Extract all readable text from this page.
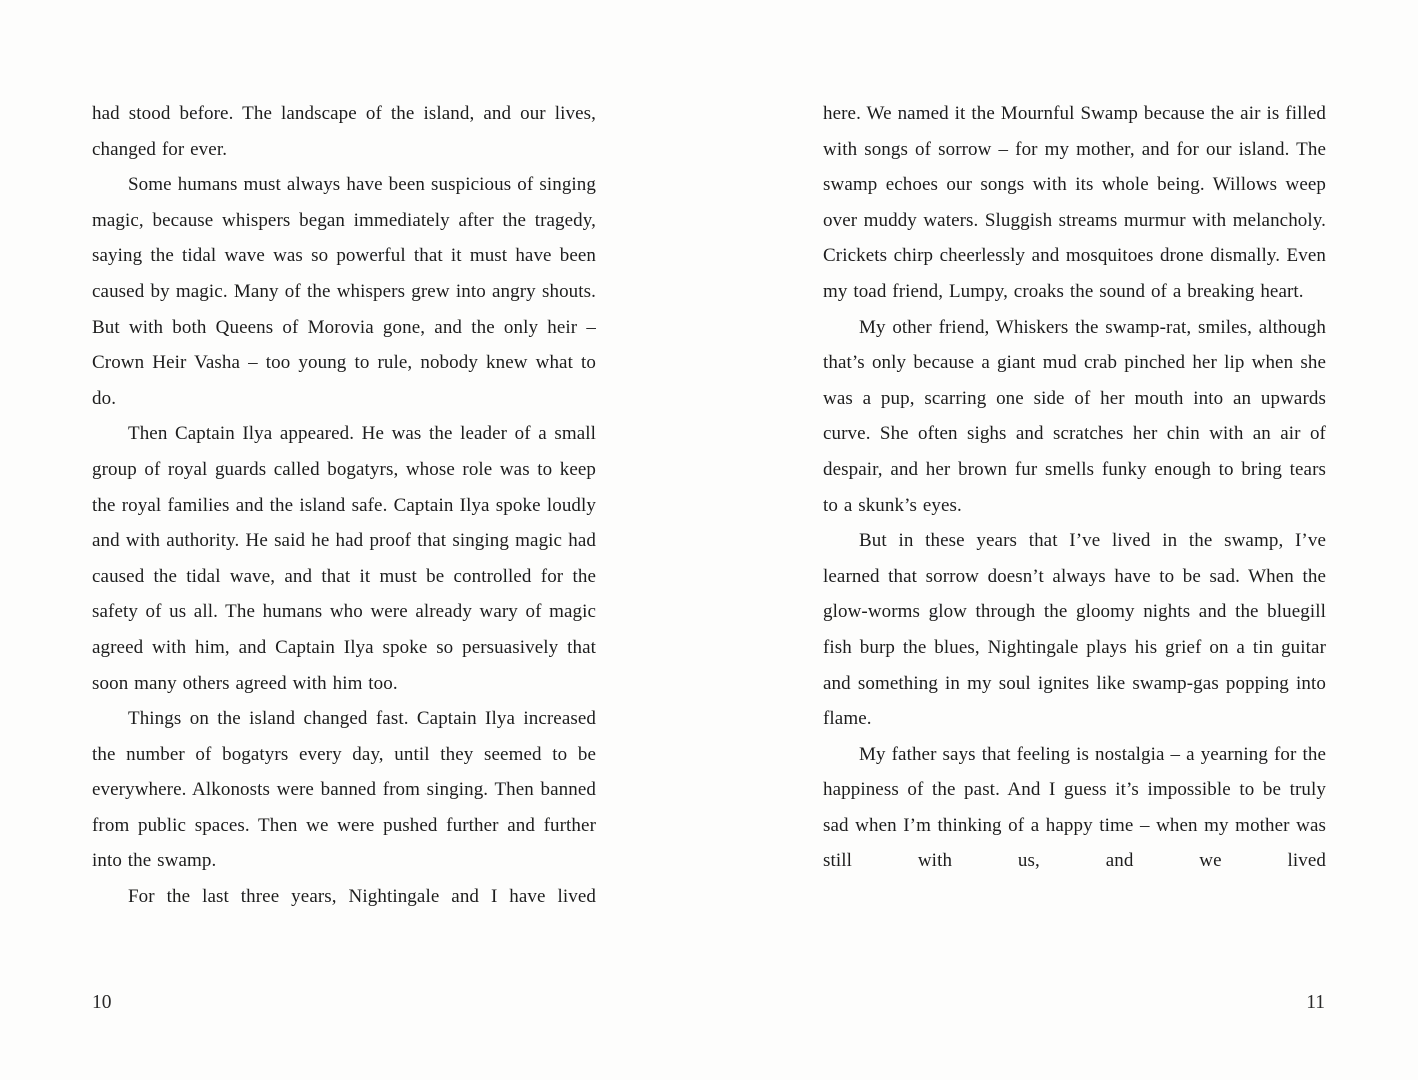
had stood before. The landscape of the island, and our lives, changed for ever.

Some humans must always have been suspicious of singing magic, because whispers began immediately after the tragedy, saying the tidal wave was so powerful that it must have been caused by magic. Many of the whispers grew into angry shouts. But with both Queens of Morovia gone, and the only heir – Crown Heir Vasha – too young to rule, nobody knew what to do.

Then Captain Ilya appeared. He was the leader of a small group of royal guards called bogatyrs, whose role was to keep the royal families and the island safe. Captain Ilya spoke loudly and with authority. He said he had proof that singing magic had caused the tidal wave, and that it must be controlled for the safety of us all. The humans who were already wary of magic agreed with him, and Captain Ilya spoke so persuasively that soon many others agreed with him too.

Things on the island changed fast. Captain Ilya increased the number of bogatyrs every day, until they seemed to be everywhere. Alkonosts were banned from singing. Then banned from public spaces. Then we were pushed further and further into the swamp.

For the last three years, Nightingale and I have lived

10

here. We named it the Mournful Swamp because the air is filled with songs of sorrow – for my mother, and for our island. The swamp echoes our songs with its whole being. Willows weep over muddy waters. Sluggish streams murmur with melancholy. Crickets chirp cheerlessly and mosquitoes drone dismally. Even my toad friend, Lumpy, croaks the sound of a breaking heart.

My other friend, Whiskers the swamp-rat, smiles, although that’s only because a giant mud crab pinched her lip when she was a pup, scarring one side of her mouth into an upwards curve. She often sighs and scratches her chin with an air of despair, and her brown fur smells funky enough to bring tears to a skunk’s eyes.

But in these years that I’ve lived in the swamp, I’ve learned that sorrow doesn’t always have to be sad. When the glow-worms glow through the gloomy nights and the bluegill fish burp the blues, Nightingale plays his grief on a tin guitar and something in my soul ignites like swamp-gas popping into flame.

My father says that feeling is nostalgia – a yearning for the happiness of the past. And I guess it’s impossible to be truly sad when I’m thinking of a happy time – when my mother was still with us, and we lived

11
